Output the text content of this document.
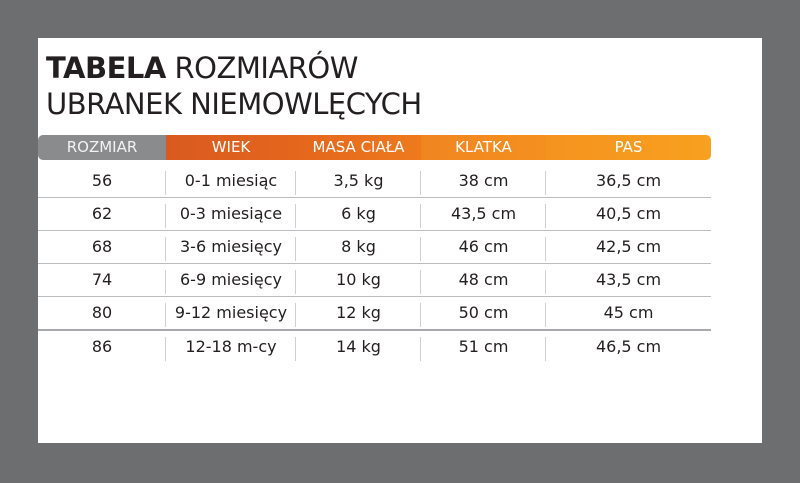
TABELA ROZMIARÓW
UBRANEK NIEMOWLĘCYCH
ROZMIAR	WIEK	MASA CIAŁA	KLATKA	PAS
56	0-1 miesiąc	3,5 kg	38 cm	36,5 cm
62	0-3 miesiące	6 kg	43,5 cm	40,5 cm
68	3-6 miesięcy	8 kg	46 cm	42,5 cm
74	6-9 miesięcy	10 kg	48 cm	43,5 cm
80	9-12 miesięcy	12 kg	50 cm	45 cm
86	12-18 m-cy	14 kg	51 cm	46,5 cm
